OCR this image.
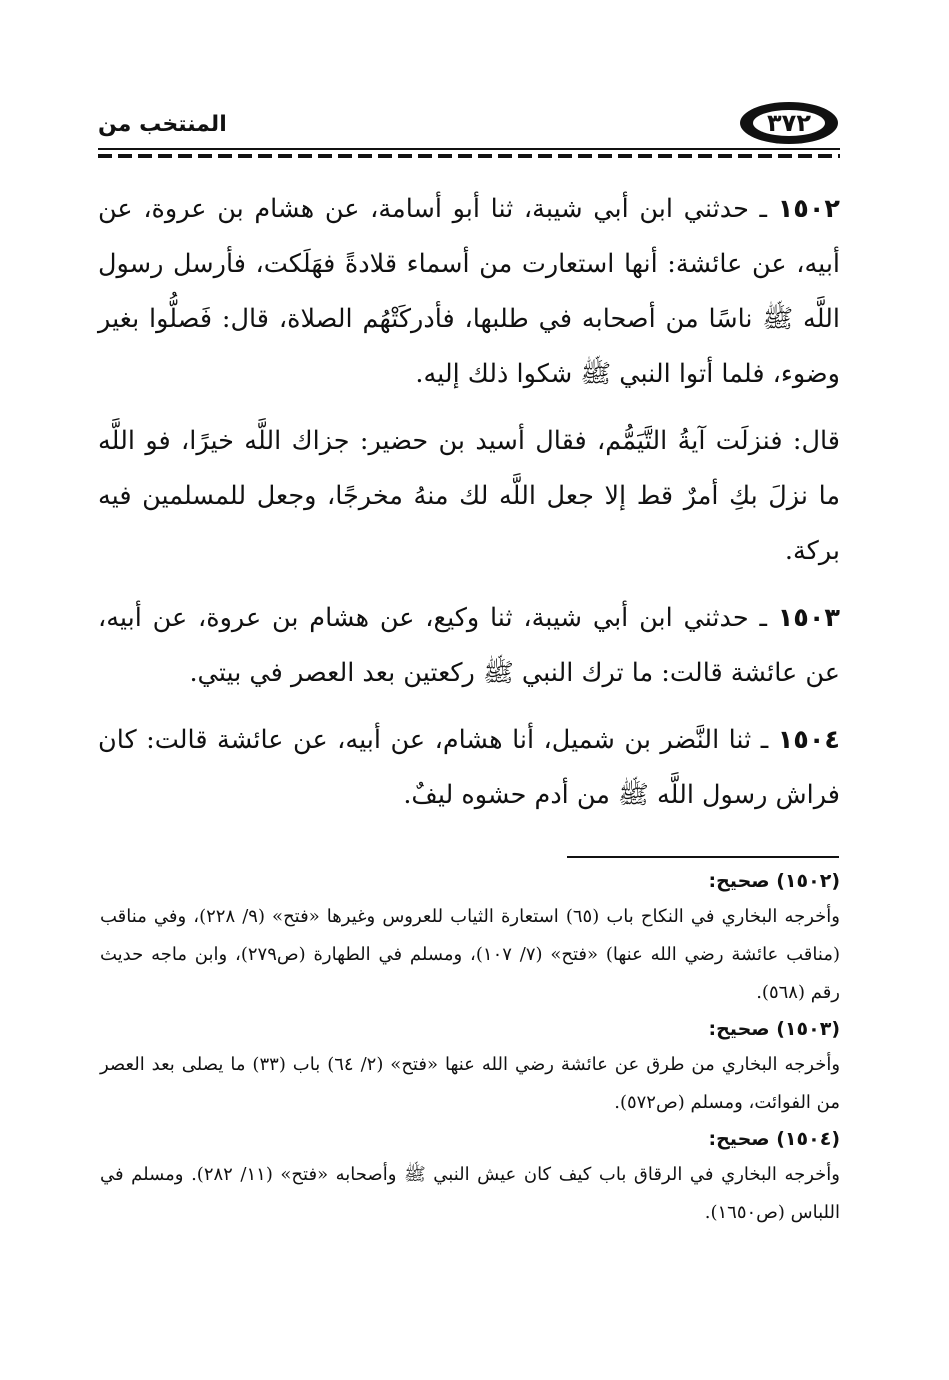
٣٧٢
المنتخب من

١٥٠٢ ـ حدثني ابن أبي شيبة، ثنا أبو أسامة، عن هشام بن عروة، عن أبيه، عن عائشة: أنها استعارت من أسماء قلادةً فهَلَكت، فأرسل رسول اللَّه ﷺ ناسًا من أصحابه في طلبها، فأدركَتْهُم الصلاة، قال: فَصلُّوا بغير وضوء، فلما أتوا النبي ﷺ شكوا ذلك إليه.

قال: فنزلَت آيةُ التَّيَمُّم، فقال أسيد بن حضير: جزاك اللَّه خيرًا، فو اللَّه ما نزلَ بكِ أمرٌ قط إلا جعل اللَّه لك منهُ مخرجًا، وجعل للمسلمين فيه بركة.

١٥٠٣ ـ حدثني ابن أبي شيبة، ثنا وكيع، عن هشام بن عروة، عن أبيه، عن عائشة قالت: ما ترك النبي ﷺ ركعتين بعد العصر في بيتي.

١٥٠٤ ـ ثنا النَّضر بن شميل، أنا هشام، عن أبيه، عن عائشة قالت: كان فراش رسول اللَّه ﷺ من أدم حشوه ليفٌ.

(١٥٠٢) صحيح:

وأخرجه البخاري في النكاح باب (٦٥) استعارة الثياب للعروس وغيرها «فتح» (٩/ ٢٢٨)، وفي مناقب (مناقب عائشة رضي الله عنها) «فتح» (٧/ ١٠٧)، ومسلم في الطهارة (ص٢٧٩)، وابن ماجه حديث رقم (٥٦٨).

(١٥٠٣) صحيح:

وأخرجه البخاري من طرق عن عائشة رضي الله عنها «فتح» (٢/ ٦٤) باب (٣٣) ما يصلى بعد العصر من الفوائت، ومسلم (ص٥٧٢).

(١٥٠٤) صحيح:

وأخرجه البخاري في الرقاق باب كيف كان عيش النبي ﷺ وأصحابه «فتح» (١١/ ٢٨٢). ومسلم في اللباس (ص١٦٥٠).
